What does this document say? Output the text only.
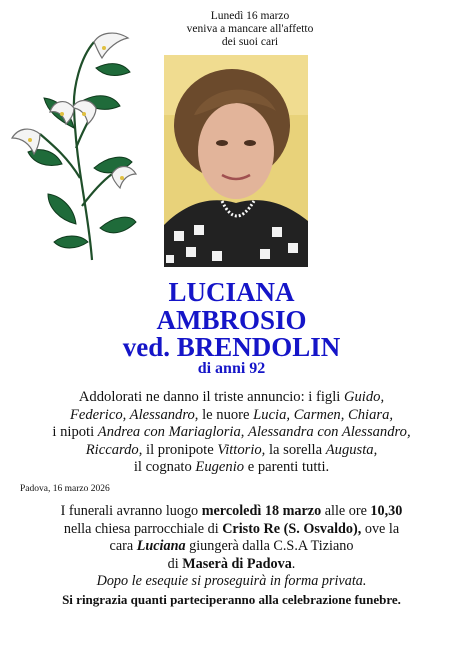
Lunedì 16 marzo
veniva a mancare all'affetto
dei suoi cari
LUCIANA
AMBROSIO
ved. BRENDOLIN
di anni 92
Addolorati ne danno il triste annuncio: i figli Guido,
Federico, Alessandro, le nuore Lucia, Carmen, Chiara,
i nipoti Andrea con Mariagloria, Alessandra con Alessandro,
Riccardo, il pronipote Vittorio, la sorella Augusta,
il cognato Eugenio e parenti tutti.
Padova, 16 marzo 2026
I funerali avranno luogo mercoledì 18 marzo alle ore 10,30
nella chiesa parrocchiale di Cristo Re (S. Osvaldo), ove la
cara Luciana giungerà dalla C.S.A Tiziano
di Maserà di Padova.
Dopo le esequie si proseguirà in forma privata.
Si ringrazia quanti parteciperanno alla celebrazione funebre.
